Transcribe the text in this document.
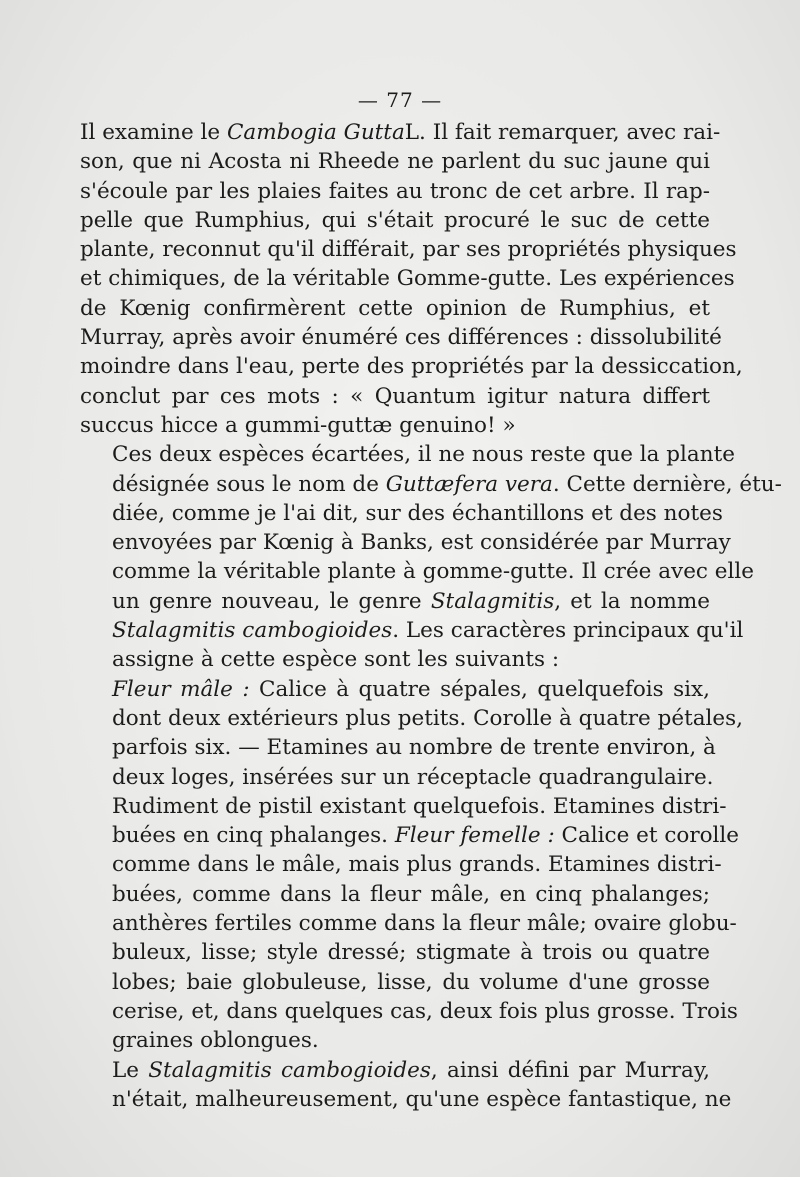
— 77 —

Il examine le Cambogia GuttaL. Il fait remarquer, avec rai-
son, que ni Acosta ni Rheede ne parlent du suc jaune qui
s'écoule par les plaies faites au tronc de cet arbre. Il rap-
pelle que Rumphius, qui s'était procuré le suc de cette
plante, reconnut qu'il différait, par ses propriétés physiques
et chimiques, de la véritable Gomme-gutte. Les expériences
de Kœnig confirmèrent cette opinion de Rumphius, et
Murray, après avoir énuméré ces différences : dissolubilité
moindre dans l'eau, perte des propriétés par la dessiccation,
conclut par ces mots : « Quantum igitur natura differt
succus hicce a gummi-guttæ genuino! »

Ces deux espèces écartées, il ne nous reste que la plante
désignée sous le nom de Guttæfera vera. Cette dernière, étu-
diée, comme je l'ai dit, sur des échantillons et des notes
envoyées par Kœnig à Banks, est considérée par Murray
comme la véritable plante à gomme-gutte. Il crée avec elle
un genre nouveau, le genre Stalagmitis, et la nomme
Stalagmitis cambogioides. Les caractères principaux qu'il
assigne à cette espèce sont les suivants :

Fleur mâle : Calice à quatre sépales, quelquefois six,
dont deux extérieurs plus petits. Corolle à quatre pétales,
parfois six. — Etamines au nombre de trente environ, à
deux loges, insérées sur un réceptacle quadrangulaire.
Rudiment de pistil existant quelquefois. Etamines distri-
buées en cinq phalanges. Fleur femelle : Calice et corolle
comme dans le mâle, mais plus grands. Etamines distri-
buées, comme dans la fleur mâle, en cinq phalanges;
anthères fertiles comme dans la fleur mâle; ovaire globu-
buleux, lisse; style dressé; stigmate à trois ou quatre
lobes; baie globuleuse, lisse, du volume d'une grosse
cerise, et, dans quelques cas, deux fois plus grosse. Trois
graines oblongues.

Le Stalagmitis cambogioides, ainsi défini par Murray,
n'était, malheureusement, qu'une espèce fantastique, ne
